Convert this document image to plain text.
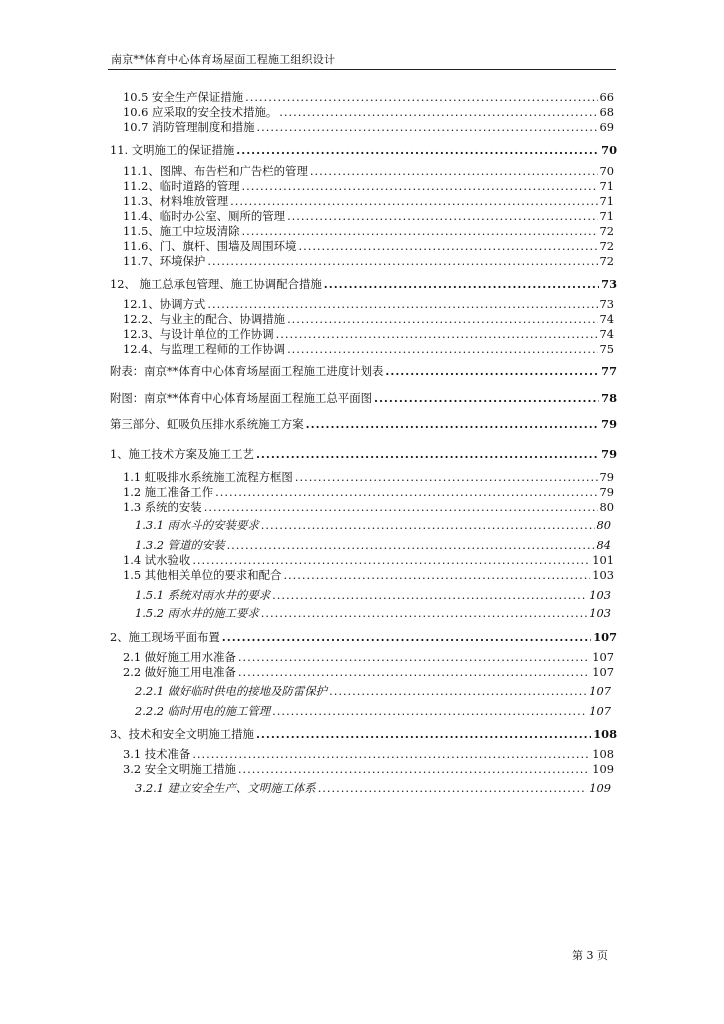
南京**体育中心体育场屋面工程施工组织设计
10.5 安全生产保证措施 .....	66
10.6 应采取的安全技术措施。 .....	68
10.7 消防管理制度和措施 .....	69
11. 文明施工的保证措施 .....	70
11.1、图牌、布告栏和广告栏的管理 .....	70
11.2、临时道路的管理 .....	71
11.3、材料堆放管理 .....	71
11.4、临时办公室、厕所的管理 .....	71
11.5、施工中垃圾清除 .....	72
11.6、门、旗杆、围墙及周围环境 .....	72
11.7、环境保护 .....	72
12、 施工总承包管理、施工协调配合措施 .....	73
12.1、协调方式 .....	73
12.2、与业主的配合、协调措施 .....	74
12.3、与设计单位的工作协调 .....	74
12.4、与监理工程师的工作协调 .....	75
附表：南京**体育中心体育场屋面工程施工进度计划表 .....	77
附图：南京**体育中心体育场屋面工程施工总平面图 .....	78
第三部分、虹吸负压排水系统施工方案 .....	79
1、施工技术方案及施工工艺 .....	79
1.1 虹吸排水系统施工流程方框图 .....	79
1.2 施工准备工作 .....	79
1.3 系统的安装 .....	80
1.3.1 雨水斗的安装要求 .....	80
1.3.2 管道的安装 .....	84
1.4 试水验收 .....	101
1.5 其他相关单位的要求和配合 .....	103
1.5.1 系统对雨水井的要求 .....	103
1.5.2 雨水井的施工要求 .....	103
2、施工现场平面布置 .....	107
2.1 做好施工用水准备 .....	107
2.2 做好施工用电准备 .....	107
2.2.1 做好临时供电的接地及防雷保护 .....	107
2.2.2 临时用电的施工管理 .....	107
3、技术和安全文明施工措施 .....	108
3.1 技术准备 .....	108
3.2 安全文明施工措施 .....	109
3.2.1 建立安全生产、文明施工体系 .....	109
第 3 页
